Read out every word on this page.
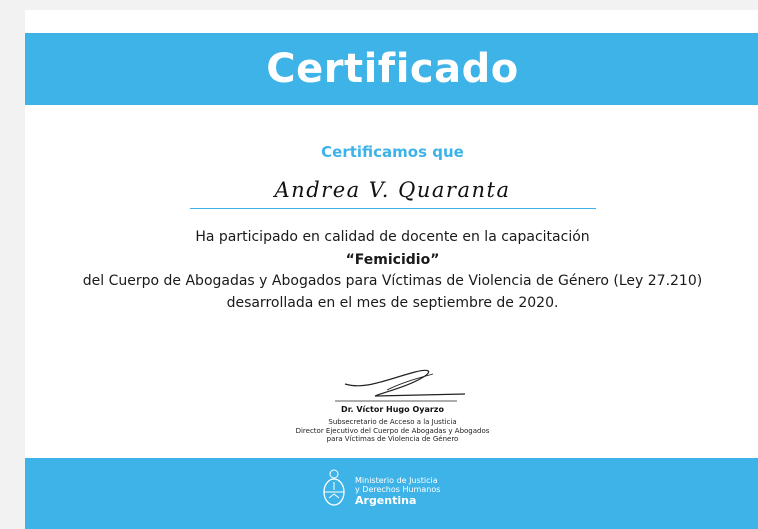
Certificado
Certificamos que
Andrea V. Quaranta
Ha participado en calidad de docente en la capacitación
“Femicidio”
del Cuerpo de Abogadas y Abogados para Víctimas de Violencia de Género (Ley 27.210)
desarrollada en el mes de septiembre de 2020.
Dr. Víctor Hugo Oyarzo
Subsecretario de Acceso a la Justicia
Director Ejecutivo del Cuerpo de Abogadas y Abogados
para Víctimas de Violencia de Género
Ministerio de Justicia
y Derechos Humanos
Argentina
